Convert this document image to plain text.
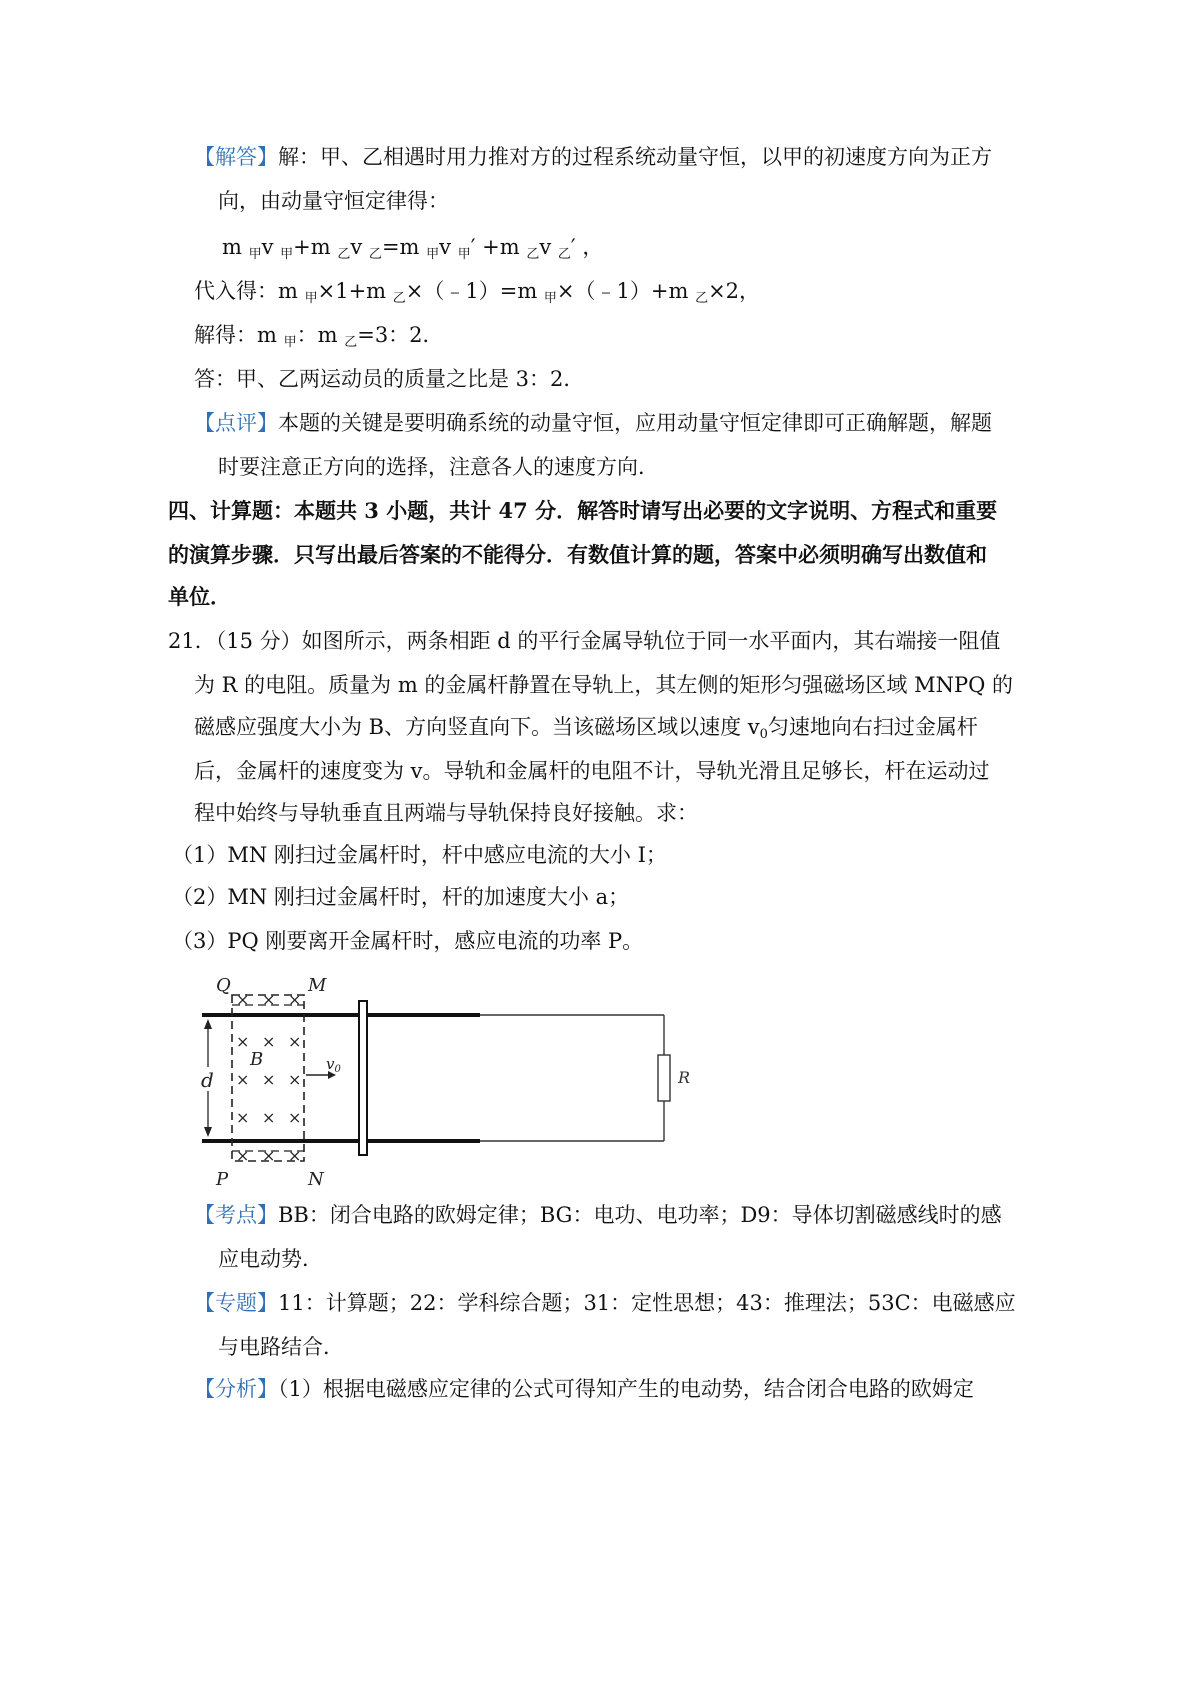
【解答】解：甲、乙相遇时用力推对方的过程系统动量守恒，以甲的初速度方向为正方
向，由动量守恒定律得：
m $_甲$v $_甲$+m $_乙$v $_乙$=m $_甲$v $_甲$′ +m $_乙$v $_乙$′ ，
代入得：m $_甲$×1+m $_乙$×（﹣1）=m $_甲$×（﹣1）+m $_乙$×2，
解得：m $_甲$：m $_乙$=3：2．
答：甲、乙两运动员的质量之比是 3：2．
【点评】本题的关键是要明确系统的动量守恒，应用动量守恒定律即可正确解题，解题
时要注意正方向的选择，注意各人的速度方向．
四、计算题：本题共 3 小题，共计 47 分．解答时请写出必要的文字说明、方程式和重要
的演算步骤．只写出最后答案的不能得分．有数值计算的题，答案中必须明确写出数值和
单位．
21．（15 分）如图所示，两条相距 d 的平行金属导轨位于同一水平面内，其右端接一阻值
为 R 的电阻。质量为 m 的金属杆静置在导轨上，其左侧的矩形匀强磁场区域 MNPQ 的
磁感应强度大小为 B、方向竖直向下。当该磁场区域以速度 $v_0$匀速地向右扫过金属杆
后，金属杆的速度变为 v。导轨和金属杆的电阻不计，导轨光滑且足够长，杆在运动过
程中始终与导轨垂直且两端与导轨保持良好接触。求：
（1）MN 刚扫过金属杆时，杆中感应电流的大小 I；
（2）MN 刚扫过金属杆时，杆的加速度大小 a；
（3）PQ 刚要离开金属杆时，感应电流的功率 P。
R
× × ×
× × ×
× × ×
× × ×
× × ×
Q	M
P	N
B	$v_0$
d
【考点】BB：闭合电路的欧姆定律；BG：电功、电功率；D9：导体切割磁感线时的感
应电动势．
【专题】11：计算题；22：学科综合题；31：定性思想；43：推理法；53C：电磁感应
与电路结合．
【分析】（1）根据电磁感应定律的公式可得知产生的电动势，结合闭合电路的欧姆定
